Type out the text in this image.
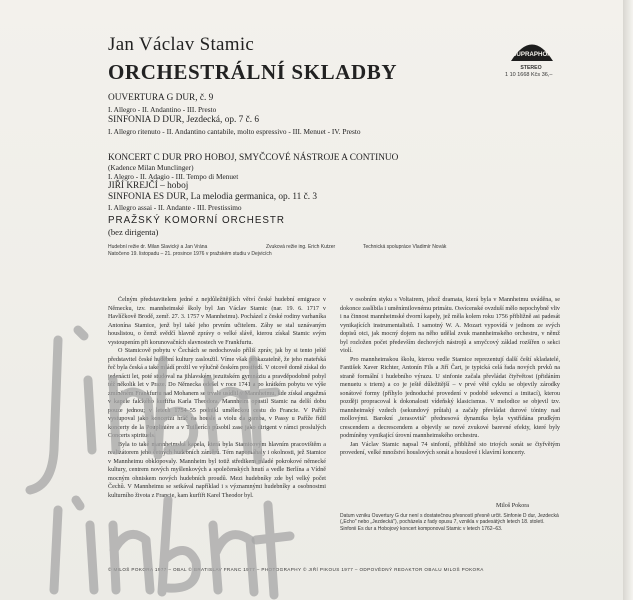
Jan Václav Stamic
ORCHESTRÁLNÍ SKLADBY
SUPRAPHON
STEREO
1 10 1668 Kčs 36,–
OUVERTURA G DUR, č. 9
I. Allegro - II. Andantino - III. Presto
SINFONIA D DUR, Jezdecká, op. 7 č. 6
I. Allegro ritenuto - II. Andantino cantabile, molto espressivo - III. Menuet - IV. Presto
KONCERT C DUR PRO HOBOJ, SMYČCOVÉ NÁSTROJE A CONTINUO
(Kadence Milan Munclinger)
I. Alegro - II. Adagio - III. Tempo di Menuet
JIŘÍ KREJČÍ – hoboj
SINFONIA ES DUR, La melodia germanica, op. 11 č. 3
I. Allegro assai - II. Andante - III. Prestissimo
PRAŽSKÝ KOMORNÍ ORCHESTR
(bez dirigenta)
Hudební režie dr. Milan Slavický a Jan Vrána
Natočeno 19. listopadu – 21. prosince 1976 v pražském studiu v Dejvicích
Zvuková režie ing. Erich Kutzer	Technická spolupráce Vladimír Novák

Čelným představitelem jedné z nejdůležitějších větví české hudební emigrace v Německu, tzv. mannheimské školy byl Jan Václav Stamic (nar. 19. 6. 1717 v Havlíčkově Brodě, zemř. 27. 3. 1757 v Mannheimu). Pocházel z české rodiny varhaníka Antonína Stamice, jenž byl také jeho prvním učitelem. Záhy se stal uznávaným houslistou, o čemž svědčí hlavně zprávy o velké slávě, kterou získal Stamic svým vystoupením při korunovačních slavnostech ve Frankfurtu.

O Stamicově pobytu v Čechách se nedochovalo příliš zpráv, jak by si tento ještě představitel české hudební kultury zasloužil. Víme však prokazatelně, že jeho mateřská řeč byla česká a také mládí prožil ve výlučně českém prostředí. V otcově domě získal do jedenácti let, poté studoval na jihlavském jezuitském gymnáziu a pravděpodobně pobyl též několik let v Praze. Do Německa odešel v roce 1741 a po krátkém pobytu ve výše zmíněném Frankfurtu nad Mohanem se trvale usídlil v Mannheimu, kde získal angažmá v kapele falckého kurfiřta Karla Theodora. Mannheim opustil Stamic na delší dobu pouze jednou; v letech 1754–55 podnikl uměleckou cestu do Francie. V Paříži vystupoval jako koncertní hráč na housle a violu da gamba, v Passy u Paříže řídil koncerty de la Pouplinière a v Tuillerích působil zase jako dirigent v rámci proslulých Concerts spirituels.

Byla to také mannheimská kapela, která byla Stamicovým hlavním pracovištěm a realizátorem jeho četných hudebních záměrů. Tém napomáhaly i okolnosti, jež Stamice v Mannheimu obklopovaly. Mannheim byl totiž středikem mladé pokrokové německé kultury, centrem nových myšlenkových a společenských hnutí a vedle Berlína a Vídně mocným ohniskem nových hudebních proudů. Mezi hudebníky zde byl velký počet Čechů. V Mannheimu se setkával například i s významnými hudebníky a osobnostmi kulturního života z Francie, kam kurfiřt Karel Theodor byl.

v osobním styku s Voltairem, jehož dramata, která byla v Mannheimu uváděna, se dokonce zaslíbila i uměnímilovnému primátu. Osvícenské ovzduší mělo nepochybně vliv i na činnost mannheimské dvorní kapely, jež měla kolem roku 1756 přibližně asi padesát vynikajících instrumentalistů. I samotný W. A. Mozart vypovídá v jednom ze svých dopisů otci, jak mocný dojem na něho udělal zvuk mannheimského orchestru, v němž byl rozložen počet především dechových nástrojů a smyčcový základ rozšířen o sekci violí.

Pro mannheimskou školu, kterou vedle Stamice reprezentují další čeští skladatelé, Fantišek Xaver Richter, Antonín Fils a Jiří Čart, je typická celá řada nových prvků na straně formální i hudebního výrazu. U sinfonie začala převládat čtyřvětost (přidáním menuetu s triem) a co je ještě důležitější – v prvé větě cyklu se objevily zárodky sonátové formy (příhylo jednoduché provedení v podobě sekvencí a imitací), kterou později propracoval k dokonalosti vídeňský klasicismus. V melodice se objevil tzv. mannheimský vzdech (sekundový průtah) a začaly převládat durové tóniny nad mollovými. Barokní „terasovitá" přednesová dynamika byla vystřídána prudkým crescendem a decrescendem a objevily se nové zvukové barevné efekty, které byly podmíněny vynikající úrovní mannheimského orchestru.

Jan Václav Stamic napsal 74 sinfonií, přibližně sto trioých sonát se čtyřvětým provedení, velké množství houslových sonát a houslové i klavírní koncerty.

Miloš Pokora
Datum vzniku Ouvertury G dur není s dostatečnou přesností přesně určit. Sinfonie D dur, Jezdecká („Echo" nebo „Jezdecká"), pocházela z řady opusu 7, vznikla v padesátých letech 18. století. Sinfonii Es dur a Hobojový koncert komponoval Stamic v letech 1762–63.
© MILOŠ POKORA 1977 – OBAL © BRATISLAV FRANC 1977 – PHOTOGRAPHY © JIŘÍ PIKOUS 1977 – ODPOVĚDNÝ REDAKTOR OBALU MILOŠ POKORA
